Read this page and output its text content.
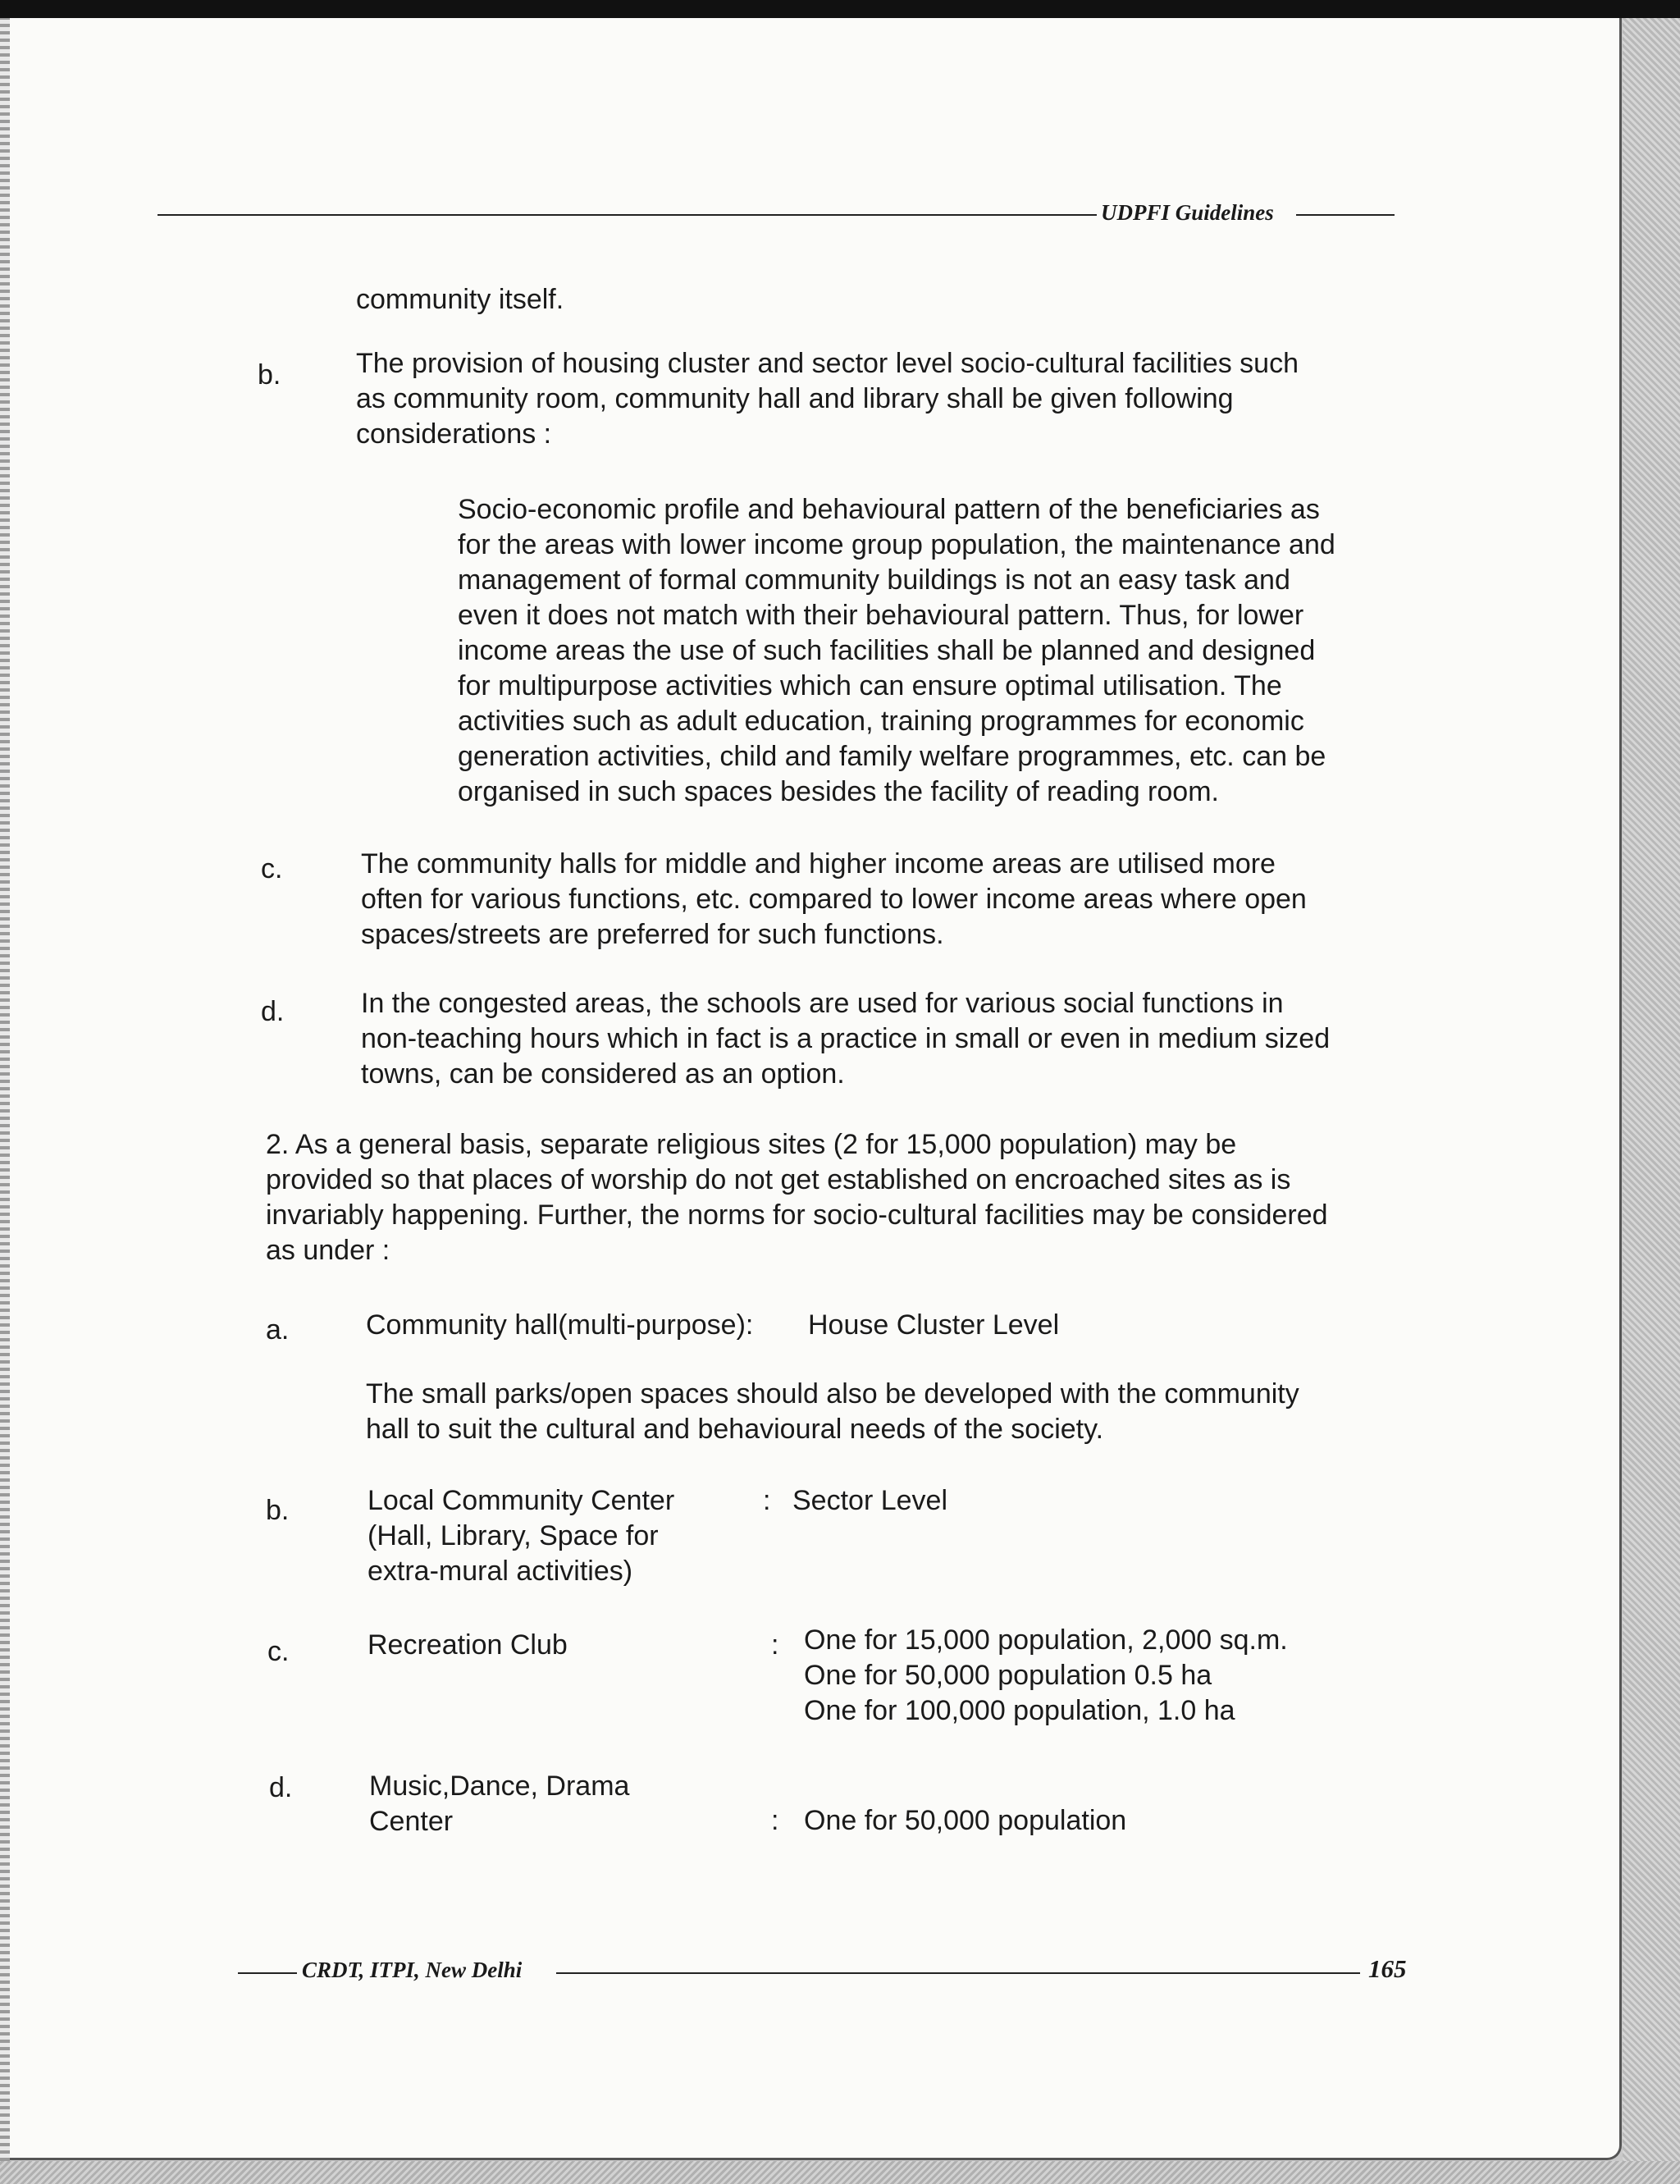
UDPFI Guidelines
community itself.
b.	The provision of housing cluster and sector level socio-cultural facilities such
as community room, community hall and library shall be given following
considerations :
Socio-economic profile and behavioural pattern of the beneficiaries as
for the areas with lower income group population, the maintenance and
management of formal community buildings is not an easy task and
even it does not match with their behavioural pattern. Thus, for lower
income areas the use of such facilities shall be planned and designed
for multipurpose activities which can ensure optimal utilisation. The
activities such as adult education, training programmes for economic
generation activities, child and family welfare programmes, etc. can be
organised in such spaces besides the facility of reading room.
c.	The community halls for middle and higher income areas are utilised more
often for various functions, etc. compared to lower income areas where open
spaces/streets are preferred for such functions.
d.	In the congested areas, the schools are used for various social functions in
non-teaching hours which in fact is a practice in small or even in medium sized
towns, can be considered as an option.
2. As a general basis, separate religious sites (2 for 15,000 population) may be
provided so that places of worship do not get established on encroached sites as is
invariably happening. Further, the norms for socio-cultural facilities may be considered
as under :
a.	Community hall(multi-purpose): House Cluster Level
The small parks/open spaces should also be developed with the community
hall to suit the cultural and behavioural needs of the society.
b.	Local Community Center
(Hall, Library, Space for
extra-mural activities)
: Sector Level
c.	Recreation Club	: One for 15,000 population, 2,000 sq.m.
One for 50,000 population 0.5 ha
One for 100,000 population, 1.0 ha
d.	Music,Dance, Drama
Center	: One for 50,000 population
CRDT, ITPI, New Delhi	165
